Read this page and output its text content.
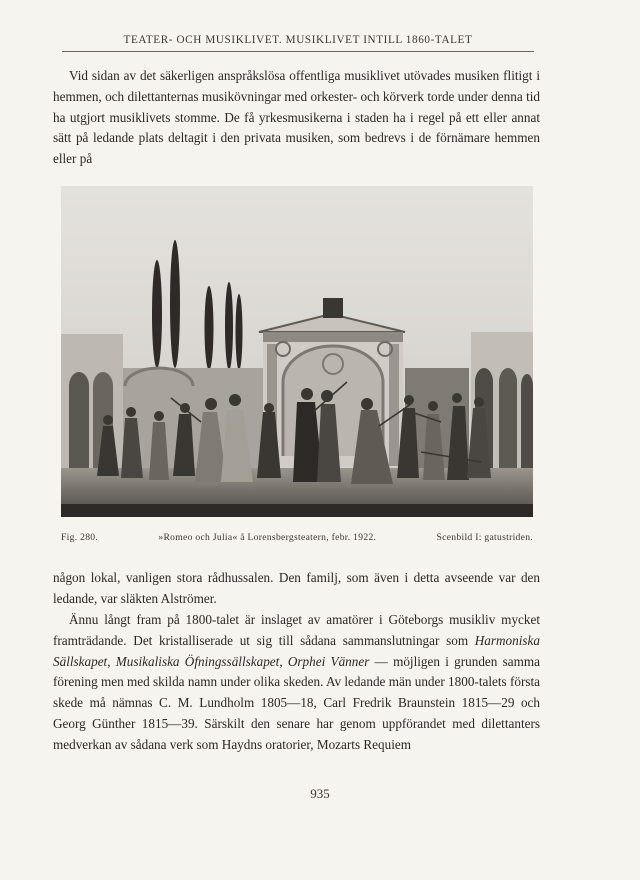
TEATER- OCH MUSIKLIVET. MUSIKLIVET INTILL 1860-TALET

Vid sidan av det säkerligen anspråkslösa offentliga musiklivet utövades musiken flitigt i hemmen, och dilettanternas musikövningar med orkester- och körverk torde under denna tid ha utgjort musiklivets stomme. De få yrkesmusikerna i staden ha i regel på ett eller annat sätt på ledande plats deltagit i den privata musiken, som bedrevs i de förnämare hemmen eller på

Fig. 280.	»Romeo och Julia« å Lorensbergsteatern, febr. 1922.	Scenbild I: gatustriden.

någon lokal, vanligen stora rådhussalen. Den familj, som även i detta avseende var den ledande, var släkten Alströmer.

Ännu långt fram på 1800-talet är inslaget av amatörer i Göteborgs musikliv mycket framträdande. Det kristalliserade ut sig till sådana sammanslutningar som Harmoniska Sällskapet, Musikaliska Öfningssällskapet, Orphei Vänner — möjligen i grunden samma förening men med skilda namn under olika skeden. Av ledande män under 1800-talets första skede må nämnas C. M. Lundholm 1805—18, Carl Fredrik Braunstein 1815—29 och Georg Günther 1815—39. Särskilt den senare har genom uppförandet med dilettanters medverkan av sådana verk som Haydns oratorier, Mozarts Requiem

935
